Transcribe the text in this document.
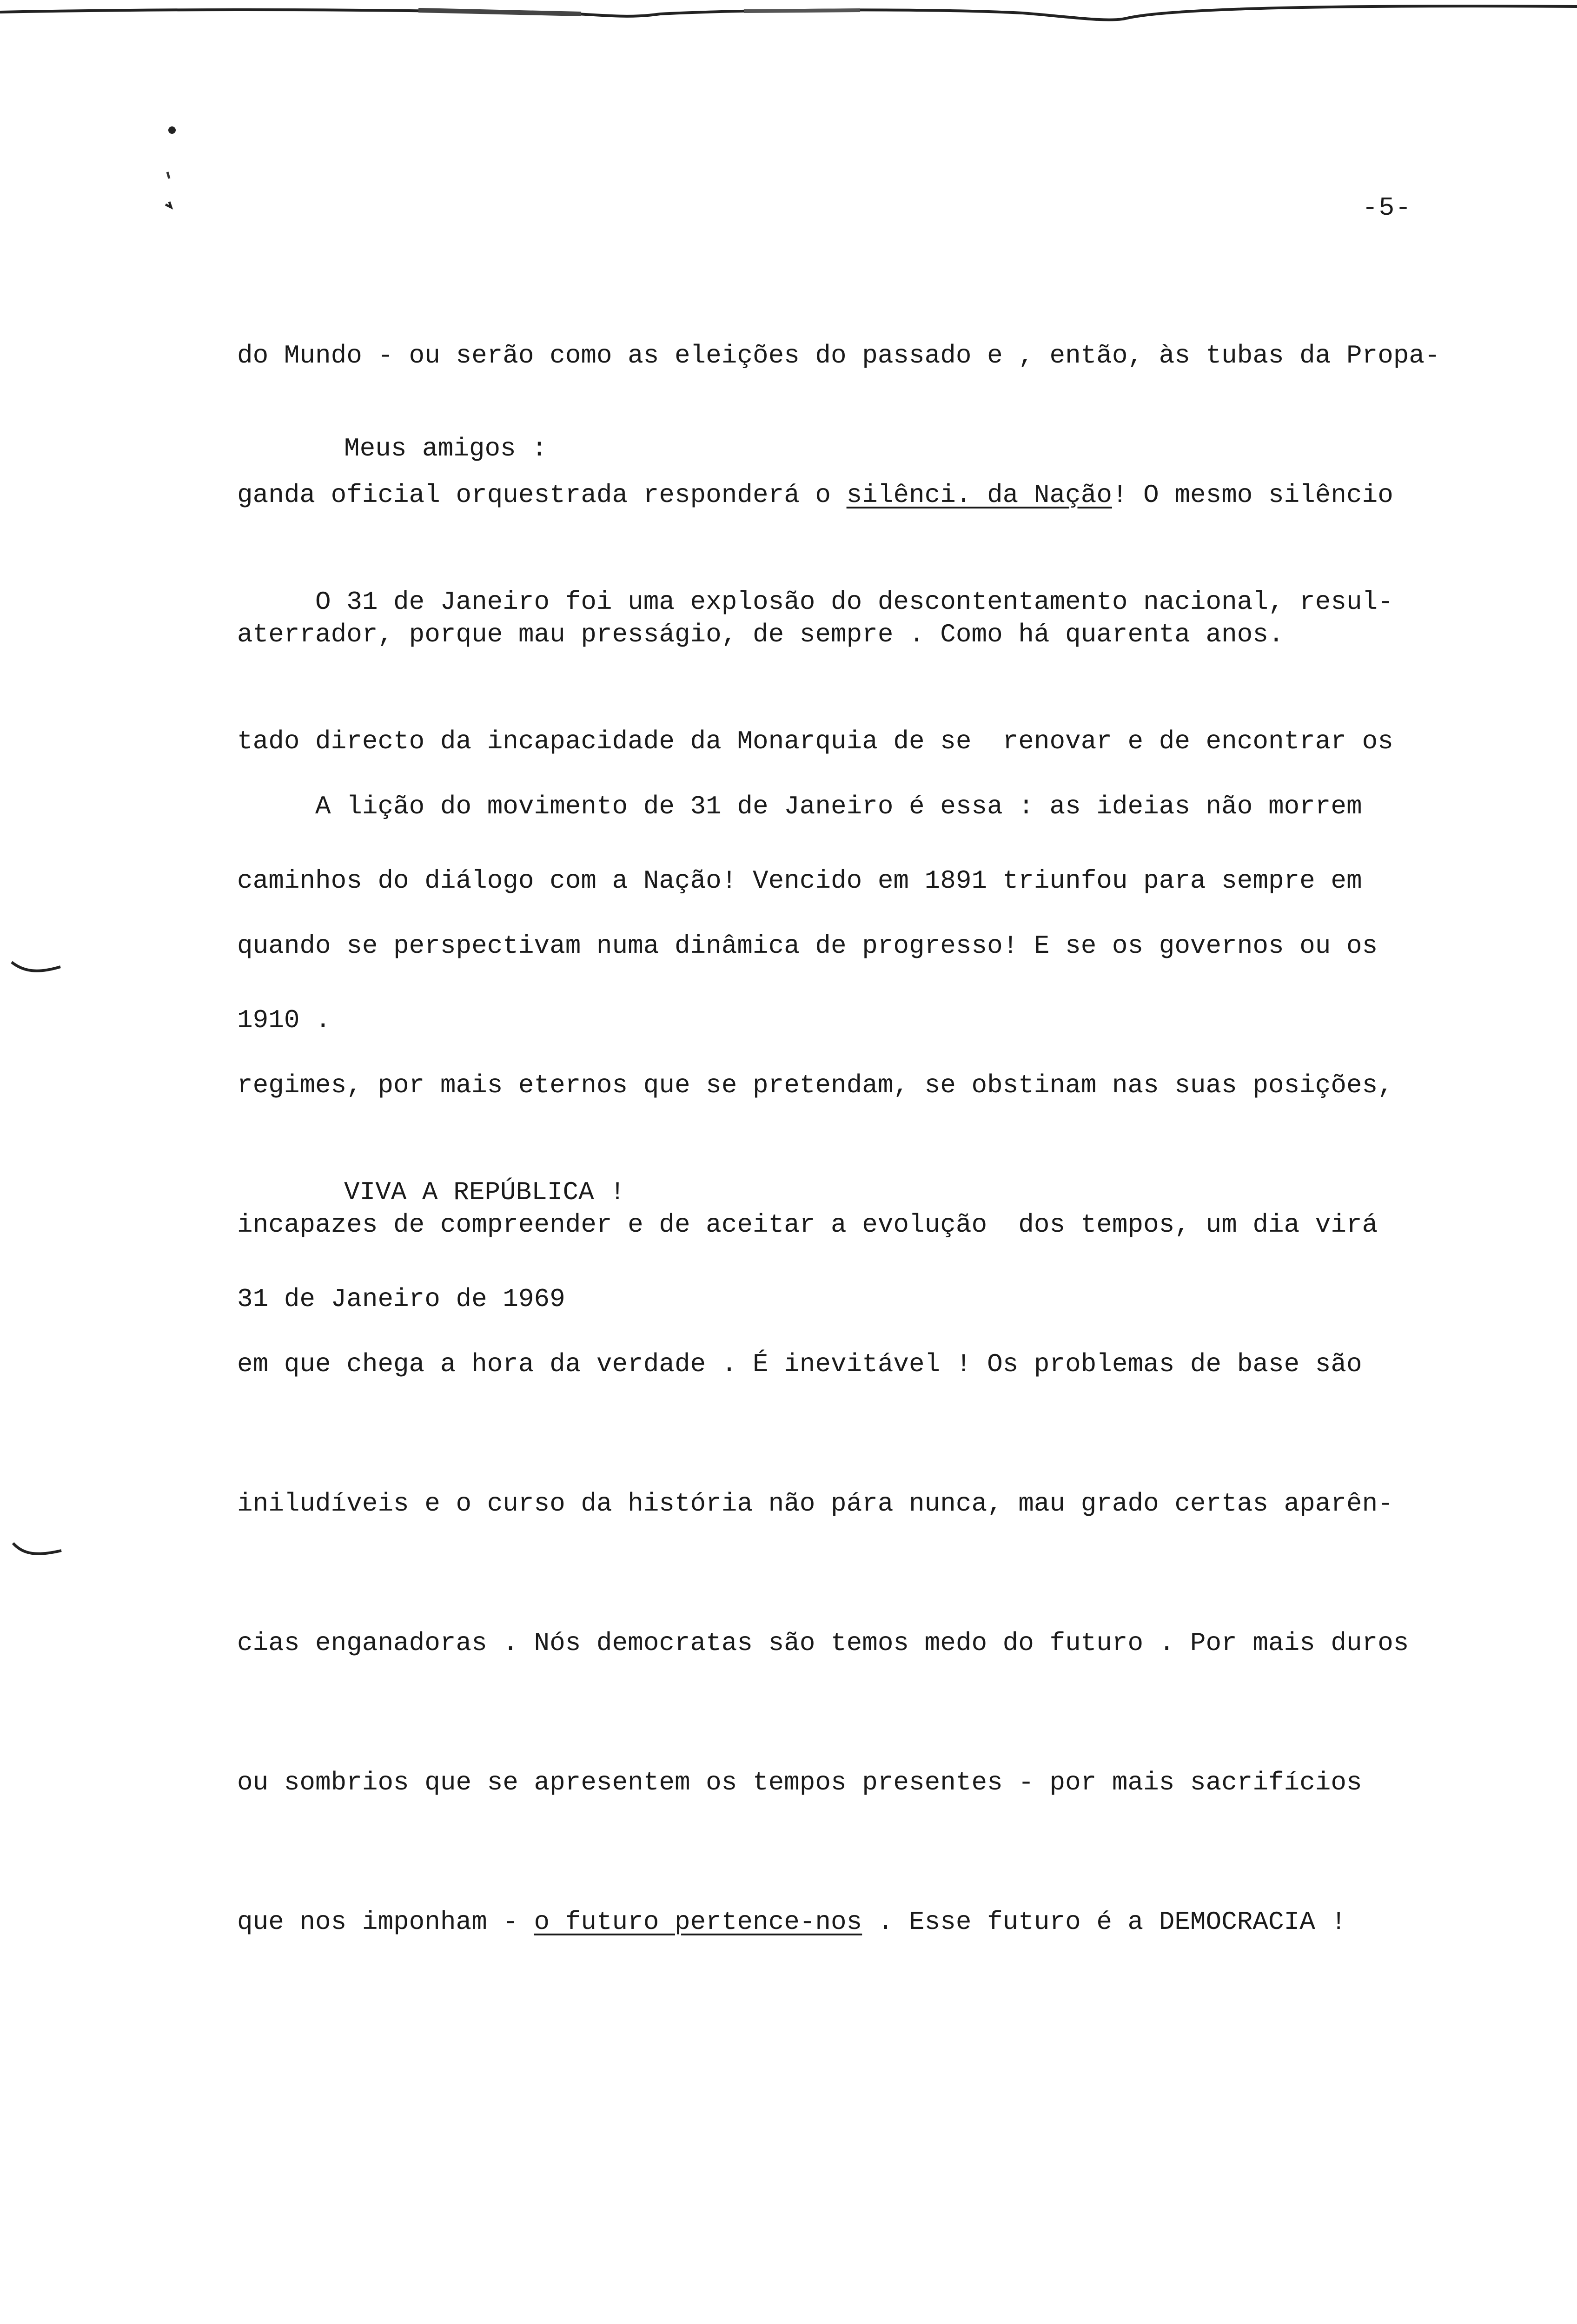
-5-

do Mundo - ou serão como as eleições do passado e , então, às tubas da Propa-

ganda oficial orquestrada responderá o silênci. da Nação! O mesmo silêncio

aterrador, porque mau presságio, de sempre . Como há quarenta anos.

Meus amigos :

O 31 de Janeiro foi uma explosão do descontentamento nacional, resul-

tado directo da incapacidade da Monarquia de se  renovar e de encontrar os

caminhos do diálogo com a Nação! Vencido em 1891 triunfou para sempre em

1910 .

A lição do movimento de 31 de Janeiro é essa : as ideias não morrem

quando se perspectivam numa dinâmica de progresso! E se os governos ou os

regimes, por mais eternos que se pretendam, se obstinam nas suas posições,

incapazes de compreender e de aceitar a evolução  dos tempos, um dia virá

em que chega a hora da verdade . É inevitável ! Os problemas de base são

iniludíveis e o curso da história não pára nunca, mau grado certas aparên-

cias enganadoras . Nós democratas são temos medo do futuro . Por mais duros

ou sombrios que se apresentem os tempos presentes - por mais sacrifícios

que nos imponham - o futuro pertence-nos . Esse futuro é a DEMOCRACIA !

VIVA A REPÚBLICA !
31 de Janeiro de 1969
